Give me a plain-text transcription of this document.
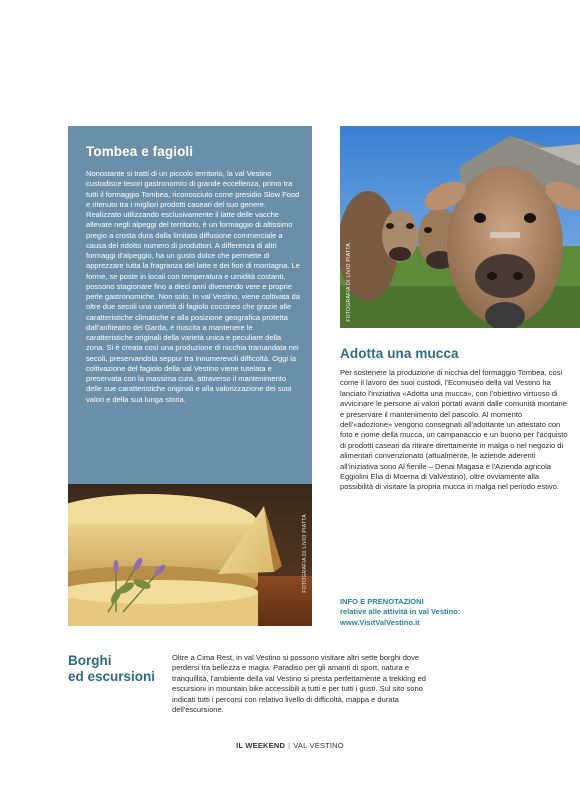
Tombea e fagioli

Nonostante si tratti di un piccolo territorio, la val Vestino custodisce tesori gastronomici di grande eccellenza, primo tra tutti il formaggio Tombea, riconosciuto come presidio Slow Food e ritenuto tra i migliori prodotti caseari del suo genere. Realizzato utilizzando esclusivamente il latte delle vacche allevate negli alpeggi del territorio, è un formaggio di altissimo pregio a crosta dura dalla limitata diffusione commerciale a causa del ridotto numero di produttori. A differenza di altri formaggi d'alpeggio, ha un gusto dolce che permette di apprezzare tutta la fragranza del latte e dei fiori di montagna. Le forme, se poste in locali con temperatura e umidità costanti, possono stagionare fino a dieci anni divenendo vere e proprie perle gastronomiche. Non solo. In val Vestino, viene coltivata da oltre due secoli una varietà di fagiolo coccineo che grazie alle caratteristiche climatiche e alla posizione geografica protetta dall'anfiteatro del Garda, è riuscita a mantenere le caratteristiche originali della varietà unica e peculiare della zona. Si è creata così una produzione di nicchia tramandata nei secoli, preservandola seppur tra innumerevoli difficoltà. Oggi la coltivazione del fagiolo della val Vestino viene tutelata e preservata con la massima cura, attraverso il mantenimento delle sue caratteristiche originali e alla valorizzazione dei suoi valori e della sua lunga storia.

FOTOGRAFIA DI LIVIO PIATTA
FOTOGRAFIA DI LIVIO PIATTA
Adotta una mucca

Per sostenere la produzione di nicchia del formaggio Tombea, così come il lavoro dei suoi custodi, l'Ecomuseo della val Vestino ha lanciato l'iniziativa «Adotta una mucca», con l'obiettivo virtuoso di avvicinare le persone ai valori portati avanti dalle comunità montane e preservare il mantenimento del pascolo. Al momento dell'«adozione» vengono consegnati all'adottante un attestato con foto e nome della mucca, un campanaccio e un buono per l'acquisto di prodotti caseari da ritirare direttamente in malga o nel negozio di alimentari convenzionato (attualmente, le aziende aderenti all'iniziativa sono Al fienile – Denai Magasa e l'Azienda agricola Eggiolini Elia di Moerna di Valvestino), oltre ovviamente alla possibilità di visitare la propria mucca in malga nel periodo estivo.

INFO E PRENOTAZIONI
relative alle attività in val Vestino:
www.VisitValVestino.it

Borghi
ed escursioni

Oltre a Cima Rest, in val Vestino si possono visitare altri sette borghi dove perdersi tra bellezza e magia. Paradiso per gli amanti di sport, natura e tranquillità, l'ambiente della val Vestino si presta perfettamente a trekking ed escursioni in mountain bike accessibili a tutti e per tutti i gusti. Sul sito sono indicati tutti i percorsi con relativo livello di difficoltà, mappa e durata dell'escursione.

IL WEEKEND | VAL VESTINO
